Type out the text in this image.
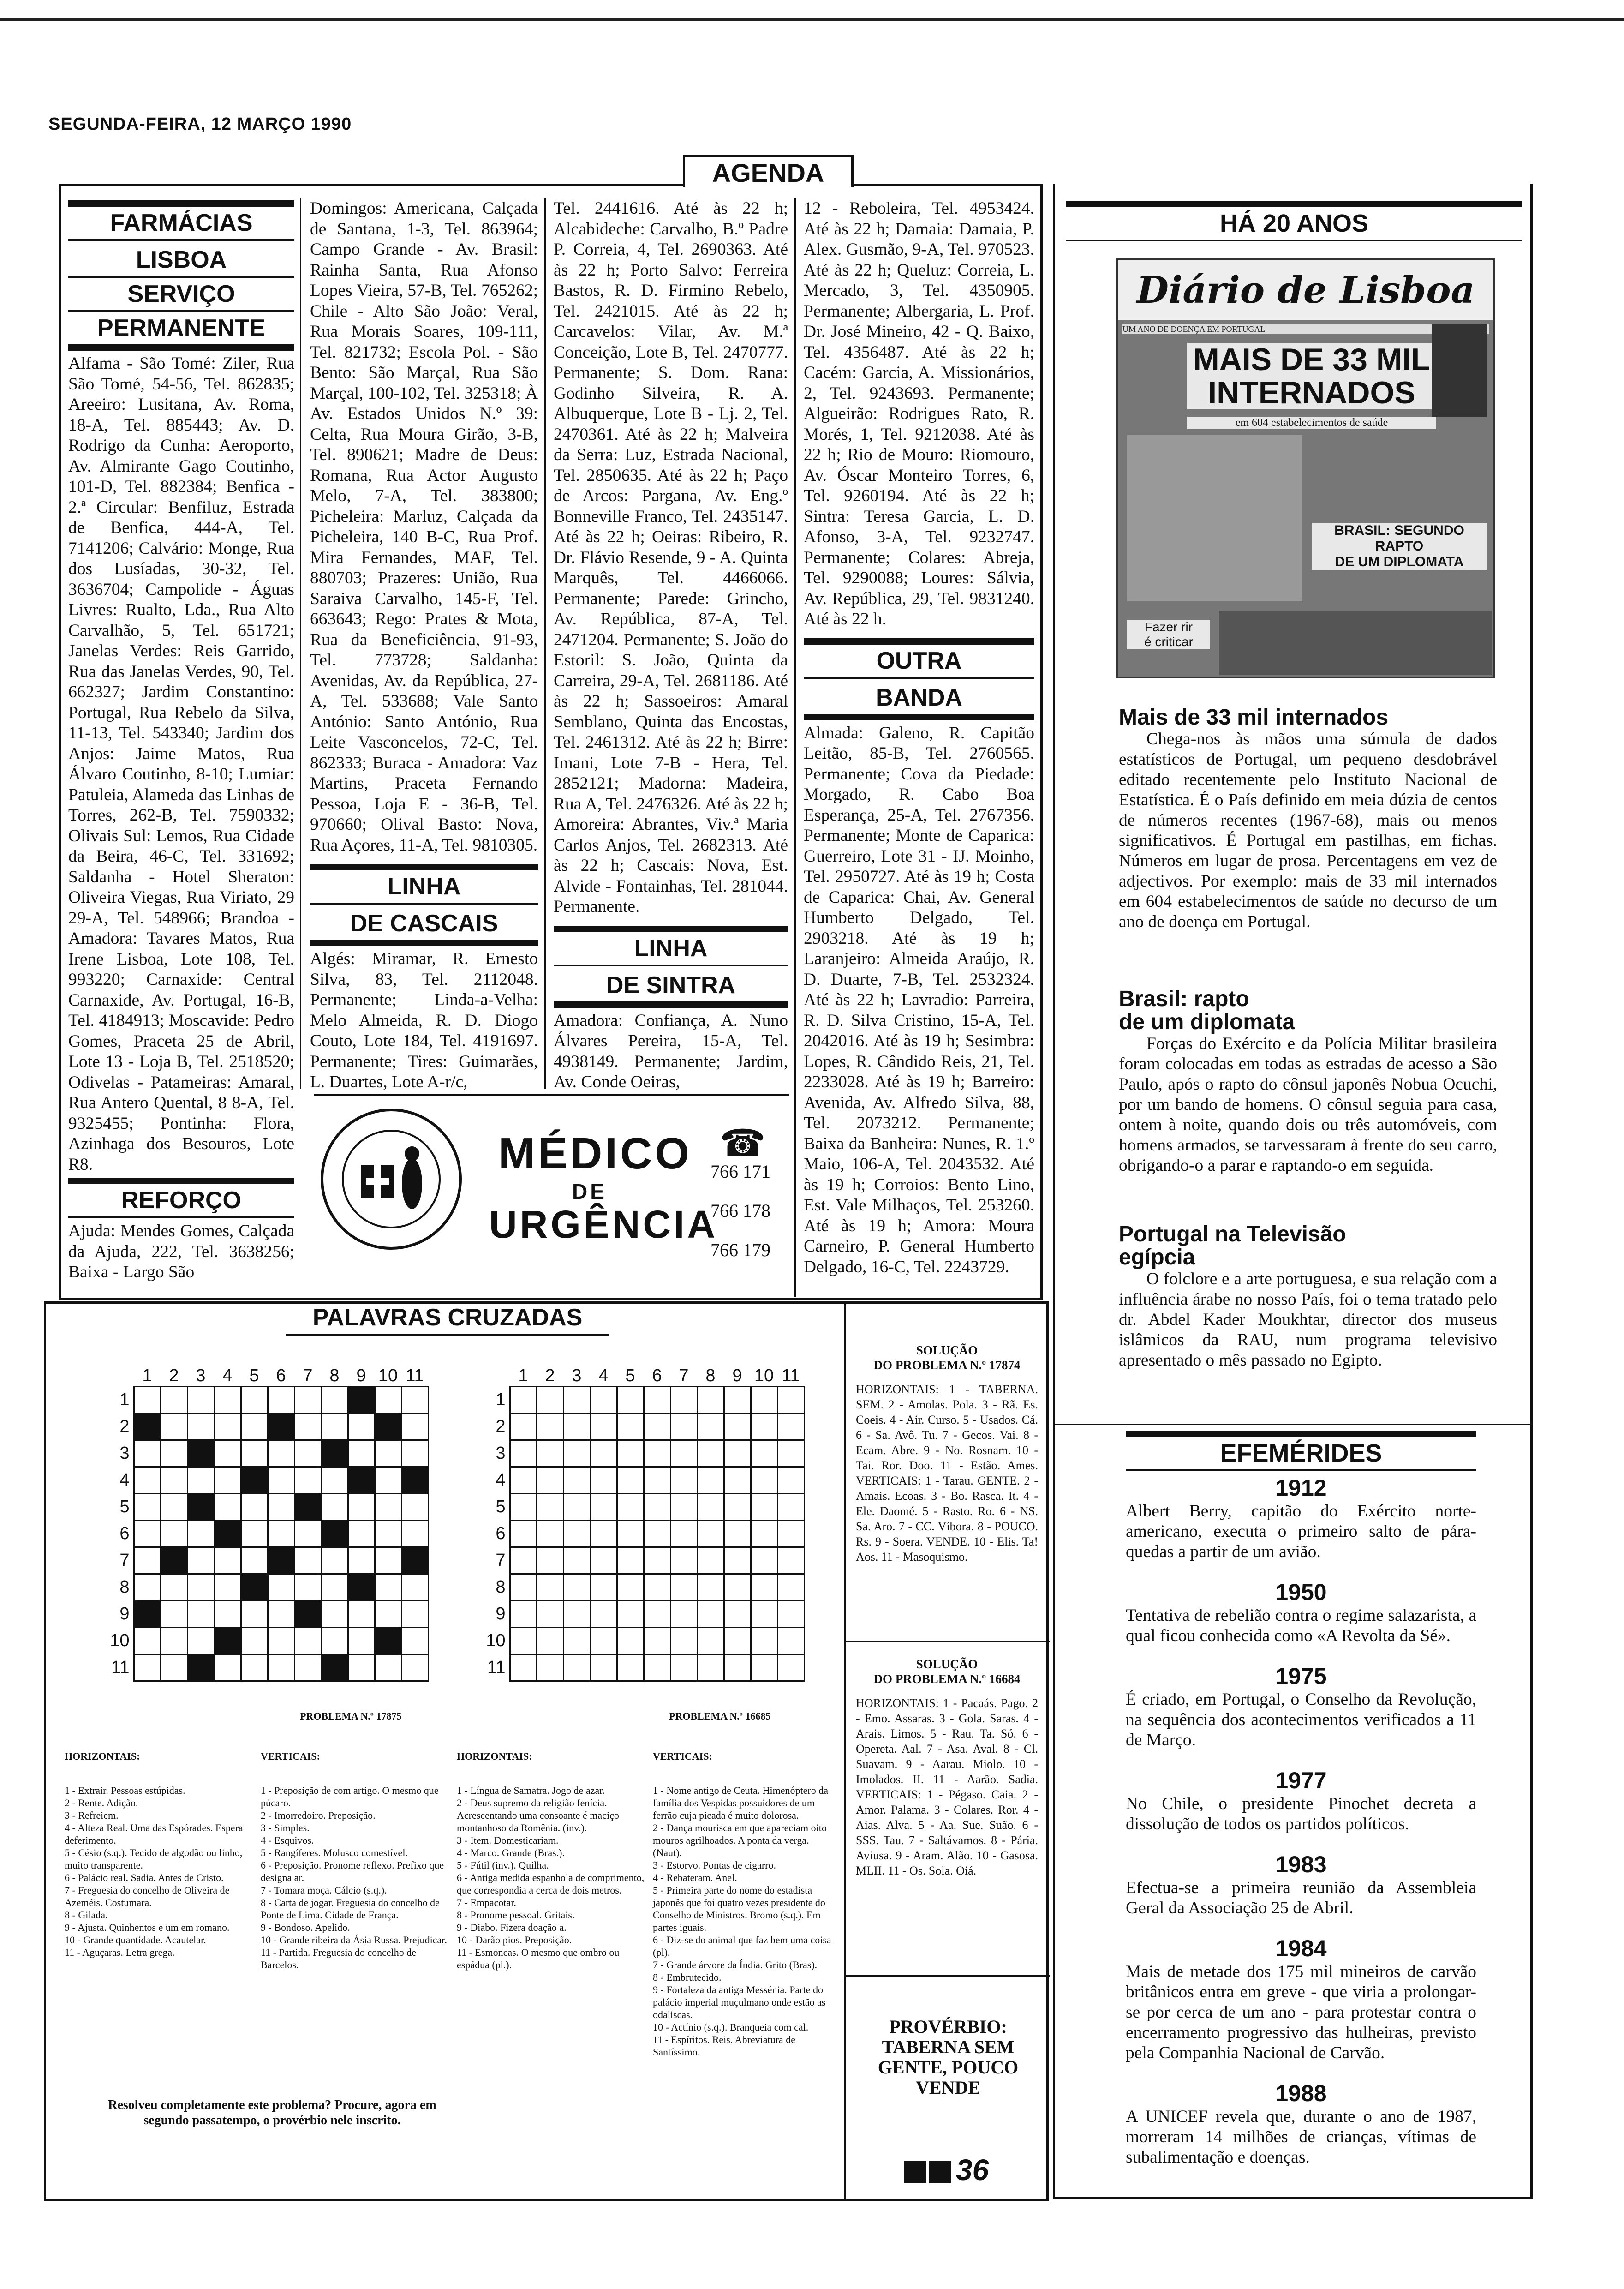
SEGUNDA-FEIRA, 12 MARÇO 1990
AGENDA
FARMÁCIAS
LISBOA
SERVIÇO
PERMANENTE
Alfama - São Tomé: Ziler, Rua São Tomé, 54-56, Tel. 862835; Areeiro: Lusitana, Av. Roma, 18-A, Tel. 885443; Av. D. Rodrigo da Cunha: Aeroporto, Av. Almirante Gago Coutinho, 101-D, Tel. 882384; Benfica - 2.ª Circular: Benfiluz, Estrada de Benfica, 444-A, Tel. 7141206; Calvário: Monge, Rua dos Lusíadas, 30-32, Tel. 3636704; Campolide - Águas Livres: Rualto, Lda., Rua Alto Carvalhão, 5, Tel. 651721; Janelas Verdes: Reis Garrido, Rua das Janelas Verdes, 90, Tel. 662327; Jardim Constantino: Portugal, Rua Rebelo da Silva, 11-13, Tel. 543340; Jardim dos Anjos: Jaime Matos, Rua Álvaro Coutinho, 8-10; Lumiar: Patuleia, Alameda das Linhas de Torres, 262-B, Tel. 7590332; Olivais Sul: Lemos, Rua Cidade da Beira, 46-C, Tel. 331692; Saldanha - Hotel Sheraton: Oliveira Viegas, Rua Viriato, 29 29-A, Tel. 548966; Brandoa - Amadora: Tavares Matos, Rua Irene Lisboa, Lote 108, Tel. 993220; Carnaxide: Central Carnaxide, Av. Portugal, 16-B, Tel. 4184913; Moscavide: Pedro Gomes, Praceta 25 de Abril, Lote 13 - Loja B, Tel. 2518520; Odivelas - Patameiras: Amaral, Rua Antero Quental, 8 8-A, Tel. 9325455; Pontinha: Flora, Azinhaga dos Besouros, Lote R8.
REFORÇO
Ajuda: Mendes Gomes, Calçada da Ajuda, 222, Tel. 3638256; Baixa - Largo São
Domingos: Americana, Calçada de Santana, 1-3, Tel. 863964; Campo Grande - Av. Brasil: Rainha Santa, Rua Afonso Lopes Vieira, 57-B, Tel. 765262; Chile - Alto São João: Veral, Rua Morais Soares, 109-111, Tel. 821732; Escola Pol. - São Bento: São Marçal, Rua São Marçal, 100-102, Tel. 325318; À Av. Estados Unidos N.º 39: Celta, Rua Moura Girão, 3-B, Tel. 890621; Madre de Deus: Romana, Rua Actor Augusto Melo, 7-A, Tel. 383800; Picheleira: Marluz, Calçada da Picheleira, 140 B-C, Rua Prof. Mira Fernandes, MAF, Tel. 880703; Prazeres: União, Rua Saraiva Carvalho, 145-F, Tel. 663643; Rego: Prates & Mota, Rua da Beneficiência, 91-93, Tel. 773728; Saldanha: Avenidas, Av. da República, 27-A, Tel. 533688; Vale Santo António: Santo António, Rua Leite Vasconcelos, 72-C, Tel. 862333; Buraca - Amadora: Vaz Martins, Praceta Fernando Pessoa, Loja E - 36-B, Tel. 970660; Olival Basto: Nova, Rua Açores, 11-A, Tel. 9810305.
LINHA
DE CASCAIS
Algés: Miramar, R. Ernesto Silva, 83, Tel. 2112048. Permanente; Linda-a-Velha: Melo Almeida, R. D. Diogo Couto, Lote 184, Tel. 4191697. Permanente; Tires: Guimarães, L. Duartes, Lote A-r/c,
Tel. 2441616. Até às 22 h; Alcabideche: Carvalho, B.º Padre P. Correia, 4, Tel. 2690363. Até às 22 h; Porto Salvo: Ferreira Bastos, R. D. Firmino Rebelo, Tel. 2421015. Até às 22 h; Carcavelos: Vilar, Av. M.ª Conceição, Lote B, Tel. 2470777. Permanente; S. Dom. Rana: Godinho Silveira, R. A. Albuquerque, Lote B - Lj. 2, Tel. 2470361. Até às 22 h; Malveira da Serra: Luz, Estrada Nacional, Tel. 2850635. Até às 22 h; Paço de Arcos: Pargana, Av. Eng.º Bonneville Franco, Tel. 2435147. Até às 22 h; Oeiras: Ribeiro, R. Dr. Flávio Resende, 9 - A. Quinta Marquês, Tel. 4466066. Permanente; Parede: Grincho, Av. República, 87-A, Tel. 2471204. Permanente; S. João do Estoril: S. João, Quinta da Carreira, 29-A, Tel. 2681186. Até às 22 h; Sassoeiros: Amaral Semblano, Quinta das Encostas, Tel. 2461312. Até às 22 h; Birre: Imani, Lote 7-B - Hera, Tel. 2852121; Madorna: Madeira, Rua A, Tel. 2476326. Até às 22 h; Amoreira: Abrantes, Viv.ª Maria Carlos Anjos, Tel. 2682313. Até às 22 h; Cascais: Nova, Est. Alvide - Fontainhas, Tel. 281044. Permanente.
LINHA
DE SINTRA
Amadora: Confiança, A. Nuno Álvares Pereira, 15-A, Tel. 4938149. Permanente; Jardim, Av. Conde Oeiras,
12 - Reboleira, Tel. 4953424. Até às 22 h; Damaia: Damaia, P. Alex. Gusmão, 9-A, Tel. 970523. Até às 22 h; Queluz: Correia, L. Mercado, 3, Tel. 4350905. Permanente; Albergaria, L. Prof. Dr. José Mineiro, 42 - Q. Baixo, Tel. 4356487. Até às 22 h; Cacém: Garcia, A. Missionários, 2, Tel. 9243693. Permanente; Algueirão: Rodrigues Rato, R. Morés, 1, Tel. 9212038. Até às 22 h; Rio de Mouro: Riomouro, Av. Óscar Monteiro Torres, 6, Tel. 9260194. Até às 22 h; Sintra: Teresa Garcia, L. D. Afonso, 3-A, Tel. 9232747. Permanente; Colares: Abreja, Tel. 9290088; Loures: Sálvia, Av. República, 29, Tel. 9831240. Até às 22 h.
OUTRA
BANDA
Almada: Galeno, R. Capitão Leitão, 85-B, Tel. 2760565. Permanente; Cova da Piedade: Morgado, R. Cabo Boa Esperança, 25-A, Tel. 2767356. Permanente; Monte de Caparica: Guerreiro, Lote 31 - IJ. Moinho, Tel. 2950727. Até às 19 h; Costa de Caparica: Chai, Av. General Humberto Delgado, Tel. 2903218. Até às 19 h; Laranjeiro: Almeida Araújo, R. D. Duarte, 7-B, Tel. 2532324. Até às 22 h; Lavradio: Parreira, R. D. Silva Cristino, 15-A, Tel. 2042016. Até às 19 h; Sesimbra: Lopes, R. Cândido Reis, 21, Tel. 2233028. Até às 19 h; Barreiro: Avenida, Av. Alfredo Silva, 88, Tel. 2073212. Permanente; Baixa da Banheira: Nunes, R. 1.º Maio, 106-A, Tel. 2043532. Até às 19 h; Corroios: Bento Lino, Est. Vale Milhaços, Tel. 253260. Até às 19 h; Amora: Moura Carneiro, P. General Humberto Delgado, 16-C, Tel. 2243729.
MÉDICO
DE
URGÊNCIA
☎
766 171
766 178
766 179
HÁ 20 ANOS
Diário de Lisboa
UM ANO DE DOENÇA EM PORTUGAL
MAIS DE 33 MIL
INTERNADOS
em 604 estabelecimentos de saúde
BRASIL: SEGUNDO RAPTO
DE UM DIPLOMATA
Fazer rir
é criticar
Mais de 33 mil internados
Chega-nos às mãos uma súmula de dados estatísticos de Portugal, um pequeno desdobrável editado recentemente pelo Instituto Nacional de Estatística. É o País definido em meia dúzia de centos de números recentes (1967-68), mais ou menos significativos. É Portugal em pastilhas, em fichas. Números em lugar de prosa. Percentagens em vez de adjectivos. Por exemplo: mais de 33 mil internados em 604 estabelecimentos de saúde no decurso de um ano de doença em Portugal.
Brasil: rapto
de um diplomata
Forças do Exército e da Polícia Militar brasileira foram colocadas em todas as estradas de acesso a São Paulo, após o rapto do cônsul japonês Nobua Ocuchi, por um bando de homens. O cônsul seguia para casa, ontem à noite, quando dois ou três automóveis, com homens armados, se tarvessaram à frente do seu carro, obrigando-o a parar e raptando-o em seguida.
Portugal na Televisão
egípcia
O folclore e a arte portuguesa, e sua relação com a influência árabe no nosso País, foi o tema tratado pelo dr. Abdel Kader Moukhtar, director dos museus islâmicos da RAU, num programa televisivo apresentado o mês passado no Egipto.
EFEMÉRIDES
1912
Albert Berry, capitão do Exército norte-americano, executa o primeiro salto de pára-quedas a partir de um avião.
1950
Tentativa de rebelião contra o regime salazarista, a qual ficou conhecida como «A Revolta da Sé».
1975
É criado, em Portugal, o Conselho da Revolução, na sequência dos acontecimentos verificados a 11 de Março.
1977
No Chile, o presidente Pinochet decreta a dissolução de todos os partidos políticos.
1983
Efectua-se a primeira reunião da Assembleia Geral da Associação 25 de Abril.
1984
Mais de metade dos 175 mil mineiros de carvão britânicos entra em greve - que viria a prolongar-se por cerca de um ano - para protestar contra o encerramento progressivo das hulheiras, previsto pela Companhia Nacional de Carvão.
1988
A UNICEF revela que, durante o ano de 1987, morreram 14 milhões de crianças, vítimas de subalimentação e doenças.
PALAVRAS CRUZADAS
	1	2	3	4	5	6	7	8	9	10	11
1											
2											
3											
4											
5											
6											
7											
8											
9											
10											
11											
	1	2	3	4	5	6	7	8	9	10	11
1											
2											
3											
4											
5											
6											
7											
8											
9											
10											
11											
PROBLEMA N.º 17875	PROBLEMA N.º 16685

HORIZONTAIS:

1 - Extrair. Pessoas estúpidas.
2 - Rente. Adição.
3 - Refreiem.
4 - Alteza Real. Uma das Espórades. Espera deferimento.
5 - Césio (s.q.). Tecido de algodão ou linho, muito transparente.
6 - Palácio real. Sadia. Antes de Cristo.
7 - Freguesia do concelho de Oliveira de Azeméis. Costumara.
8 - Gilada.
9 - Ajusta. Quinhentos e um em romano.
10 - Grande quantidade. Acautelar.
11 - Aguçaras. Letra grega.

VERTICAIS:

1 - Preposição de com artigo. O mesmo que púcaro.
2 - Imorredoiro. Preposição.
3 - Simples.
4 - Esquivos.
5 - Rangíferes. Molusco comestível.
6 - Preposição. Pronome reflexo. Prefixo que designa ar.
7 - Tomara moça. Cálcio (s.q.).
8 - Carta de jogar. Freguesia do concelho de Ponte de Lima. Cidade de França.
9 - Bondoso. Apelido.
10 - Grande ribeira da Ásia Russa. Prejudicar.
11 - Partida. Freguesia do concelho de Barcelos.

HORIZONTAIS:

1 - Língua de Samatra. Jogo de azar.
2 - Deus supremo da religião fenícia. Acrescentando uma consoante é maciço montanhoso da Romênia. (inv.).
3 - Item. Domesticariam.
4 - Marco. Grande (Bras.).
5 - Fútil (inv.). Quilha.
6 - Antiga medida espanhola de comprimento, que correspondia a cerca de dois metros.
7 - Empacotar.
8 - Pronome pessoal. Gritais.
9 - Diabo. Fizera doação a.
10 - Darão pios. Preposição.
11 - Esmoncas. O mesmo que ombro ou espádua (pl.).

VERTICAIS:

1 - Nome antigo de Ceuta. Himenóptero da família dos Vespidas possuidores de um ferrão cuja picada é muito dolorosa.
2 - Dança mourisca em que apareciam oito mouros agrilhoados. A ponta da verga. (Naut).
3 - Estorvo. Pontas de cigarro.
4 - Rebateram. Anel.
5 - Primeira parte do nome do estadista japonês que foi quatro vezes presidente do Conselho de Ministros. Bromo (s.q.). Em partes iguais.
6 - Diz-se do animal que faz bem uma coisa (pl).
7 - Grande árvore da Índia. Grito (Bras).
8 - Embrutecido.
9 - Fortaleza da antiga Messénia. Parte do palácio imperial muçulmano onde estão as odaliscas.
10 - Actínio (s.q.). Branqueia com cal.
11 - Espíritos. Reis. Abreviatura de Santíssimo.

Resolveu completamente este problema? Procure, agora em segundo passatempo, o provérbio nele inscrito.
SOLUÇÃO
DO PROBLEMA N.º 17874
HORIZONTAIS: 1 - TABERNA. SEM. 2 - Amolas. Pola. 3 - Rã. Es. Coeis. 4 - Air. Curso. 5 - Usados. Cá. 6 - Sa. Avô. Tu. 7 - Gecos. Vai. 8 - Ecam. Abre. 9 - No. Rosnam. 10 - Tai. Ror. Doo. 11 - Estão. Ames. VERTICAIS: 1 - Tarau. GENTE. 2 - Amais. Ecoas. 3 - Bo. Rasca. It. 4 - Ele. Daomé. 5 - Rasto. Ro. 6 - NS. Sa. Aro. 7 - CC. Víbora. 8 - POUCO. Rs. 9 - Soera. VENDE. 10 - Elis. Ta! Aos. 11 - Masoquismo.
SOLUÇÃO
DO PROBLEMA N.º 16684
HORIZONTAIS: 1 - Pacaás. Pago. 2 - Emo. Assaras. 3 - Gola. Saras. 4 - Arais. Limos. 5 - Rau. Ta. Só. 6 - Opereta. Aal. 7 - Asa. Aval. 8 - Cl. Suavam. 9 - Aarau. Miolo. 10 - Imolados. II. 11 - Aarão. Sadia. VERTICAIS: 1 - Pégaso. Caia. 2 - Amor. Palama. 3 - Colares. Ror. 4 - Aias. Alva. 5 - Aa. Sue. Suão. 6 - SSS. Tau. 7 - Saltávamos. 8 - Pária. Aviusa. 9 - Aram. Alão. 10 - Gasosa. MLII. 11 - Os. Sola. Oiá.
PROVÉRBIO: TABERNA SEM GENTE, POUCO VENDE
36
